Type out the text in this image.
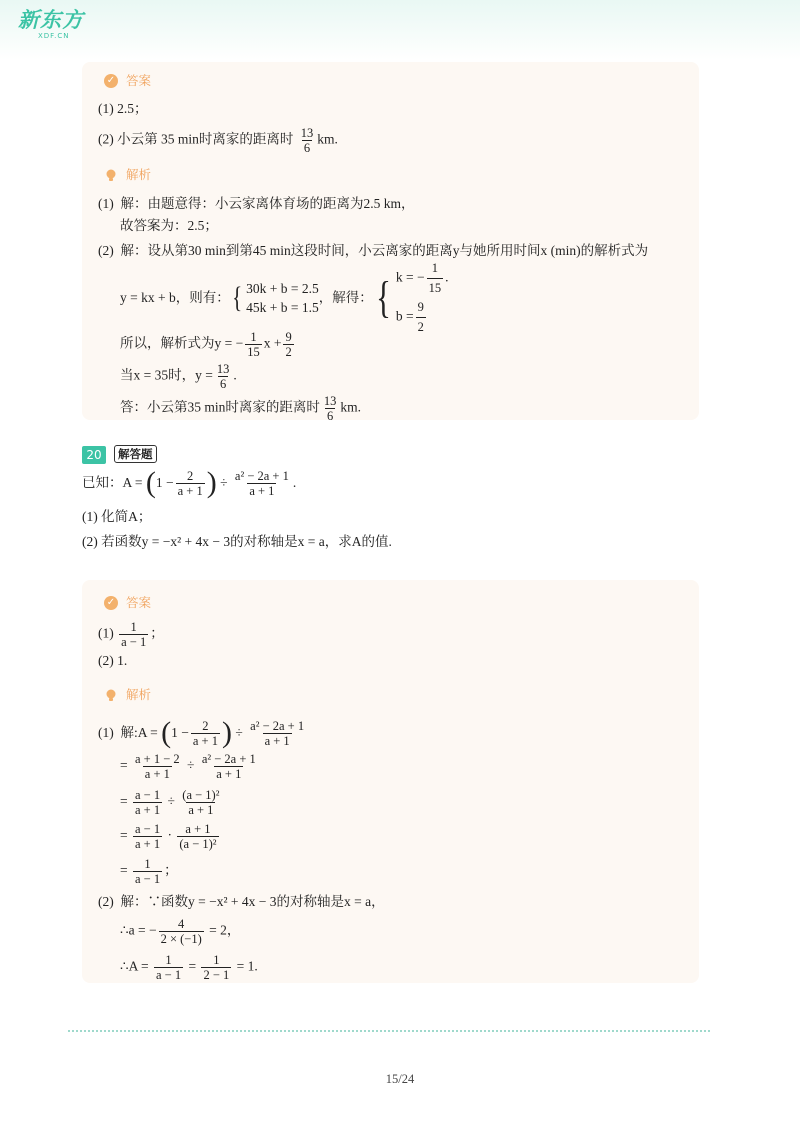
新东方
XDF.CN
✓ 答案
(1) 2.5；
(2) 小云第 35 min时离家的距离时 $\frac{13}{6}$ km.
解析
(1) 解：由题意得：小云家离体育场的距离为2.5 km，
故答案为：2.5；
(2) 解：设从第30 min到第45 min这段时间，小云离家的距离y与她所用时间x (min)的解析式为
y = kx + b，则有： { 30k + b = 2.5
45k + b = 1.5
，解得： { k = − $\frac{1}{15}$ .
$b = \frac{9}{2}$
所以，解析式为y = − $\frac{1}{15}$ $x + \frac{9}{2}$
当x = 35时，$y = \frac{13}{6}$ .
答：小云第35 min时离家的距离时 $\frac{13}{6}$ km.
20	解答题
已知：A =
( $1 - \frac{2}{a + 1}$ )
÷
$\frac{\text{a² − 2a + 1}}{a + 1}$ .
(1) 化简A；
(2) 若函数y = −x² + 4x − 3的对称轴是x = a，求A的值.
✓ 答案
$(1) \frac{1}{a - 1}$ ；
(2) 1.
解析
(1)
解:A =
( $1 - \frac{2}{a + 1}$ )
÷
$\frac{\text{a² − 2a + 1}}{a + 1}$
= $\frac{a + 1 - 2}{a + 1} \div \frac{\text{a² − 2a + 1}}{a + 1}$
= $\frac{a - 1}{a + 1} \div \frac{\text{(a − 1)²}}{a + 1}$
= $\frac{a - 1}{a + 1} \cdot \frac{a + 1}{\text{(a − 1)²}}$
= $\frac{1}{a - 1}$ ；
(2) 解：∵函数y = −x² + 4x − 3的对称轴是x = a，
∴a = − $\frac{4}{2 \times (-1)} = 2$，
∴A = $\frac{1}{a - 1} = \frac{1}{2 - 1} = 1$.
15/24
